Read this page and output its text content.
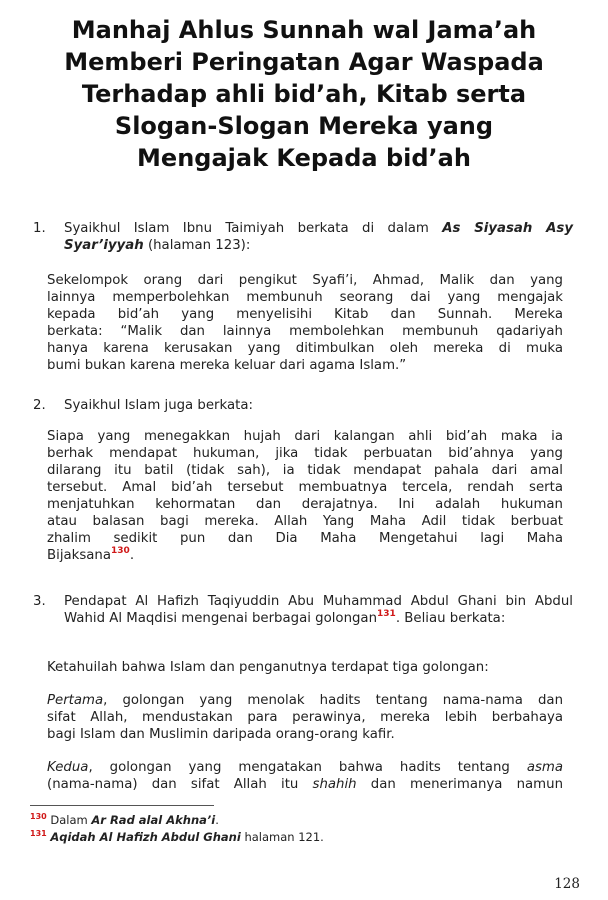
Manhaj Ahlus Sunnah wal Jama’ah
Memberi Peringatan Agar Waspada
Terhadap ahli bid’ah, Kitab serta
Slogan-Slogan Mereka yang
Mengajak Kepada bid’ah
1. Syaikhul Islam Ibnu Taimiyah berkata di dalam As Siyasah Asy Syar’iyyah (halaman 123):
Sekelompok orang dari pengikut Syafi’i, Ahmad, Malik dan yang
lainnya memperbolehkan membunuh seorang dai yang mengajak
kepada bid’ah yang menyelisihi Kitab dan Sunnah. Mereka
berkata: “Malik dan lainnya membolehkan membunuh qadariyah
hanya karena kerusakan yang ditimbulkan oleh mereka di muka
bumi bukan karena mereka keluar dari agama Islam.”
2. Syaikhul Islam juga berkata:
Siapa yang menegakkan hujah dari kalangan ahli bid’ah maka ia
berhak mendapat hukuman, jika tidak perbuatan bid’ahnya yang
dilarang itu batil (tidak sah), ia tidak mendapat pahala dari amal
tersebut. Amal bid’ah tersebut membuatnya tercela, rendah serta
menjatuhkan kehormatan dan derajatnya. Ini adalah hukuman
atau balasan bagi mereka. Allah Yang Maha Adil tidak berbuat
zhalim sedikit pun dan Dia Maha Mengetahui lagi Maha
Bijaksana$^{130}$.
3. Pendapat Al Hafizh Taqiyuddin Abu Muhammad Abdul Ghani bin Abdul Wahid Al Maqdisi mengenai berbagai golongan$^{131}$. Beliau berkata:
Ketahuilah bahwa Islam dan penganutnya terdapat tiga golongan:
Pertama, golongan yang menolak hadits tentang nama-nama dan
sifat Allah, mendustakan para perawinya, mereka lebih berbahaya
bagi Islam dan Muslimin daripada orang-orang kafir.
Kedua, golongan yang mengatakan bahwa hadits tentang asma
(nama-nama) dan sifat Allah itu shahih dan menerimanya namun
$^{130}$ Dalam Ar Rad alal Akhna’i.
$^{131}$ Aqidah Al Hafizh Abdul Ghani halaman 121.
128
